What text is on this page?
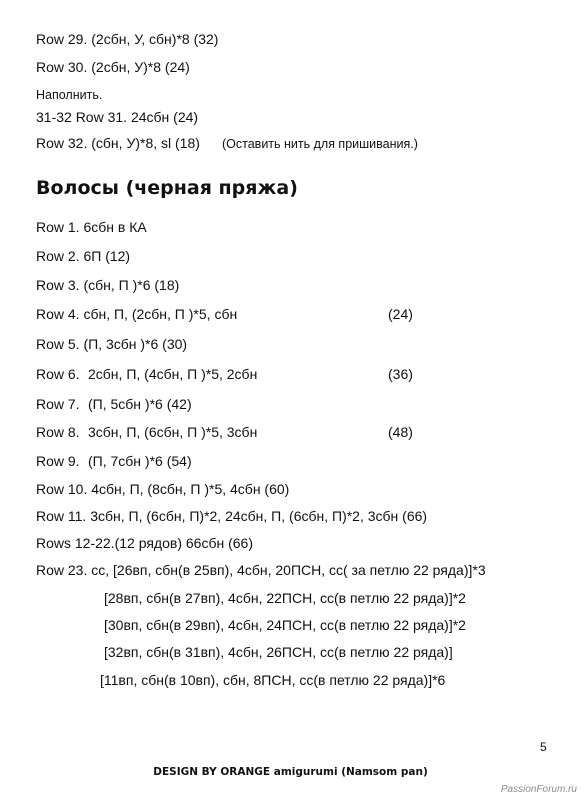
Row 29. (2сбн, У, сбн)*8 (32)
Row 30. (2сбн, У)*8 (24)
Наполнить.
31-32 Row 31. 24сбн (24)
Row 32. (сбн, У)*8, sl (18) (Оставить нить для пришивания.)
Волосы (черная пряжа)
Row 1. 6сбн в КА
Row 2. 6П (12)
Row 3. (сбн, П )*6 (18)
Row 4. сбн, П, (2сбн, П )*5, сбн	(24)
Row 5. (П, 3сбн )*6 (30)
Row 6. 2сбн, П, (4сбн, П )*5, 2сбн	(36)
Row 7. (П, 5сбн )*6 (42)
Row 8. 3сбн, П, (6сбн, П )*5, 3сбн	(48)
Row 9. (П, 7сбн )*6 (54)
Row 10. 4сбн, П, (8сбн, П )*5, 4сбн (60)
Row 11. 3сбн, П, (6сбн, П)*2, 24сбн, П, (6сбн, П)*2, 3сбн (66)
Rows 12-22.(12 рядов) 66сбн (66)
Row 23. сс, [26вп, сбн(в 25вп), 4сбн, 20ПСН, сс( за петлю 22 ряда)]*3
[28вп, сбн(в 27вп), 4сбн, 22ПСН, сс(в петлю 22 ряда)]*2
[30вп, сбн(в 29вп), 4сбн, 24ПСН, сс(в петлю 22 ряда)]*2
[32вп, сбн(в 31вп), 4сбн, 26ПСН, сс(в петлю 22 ряда)]
[11вп, сбн(в 10вп), сбн, 8ПСН, сс(в петлю 22 ряда)]*6
5
DESIGN BY ORANGE amigurumi (Namsom pan)
PassionForum.ru
